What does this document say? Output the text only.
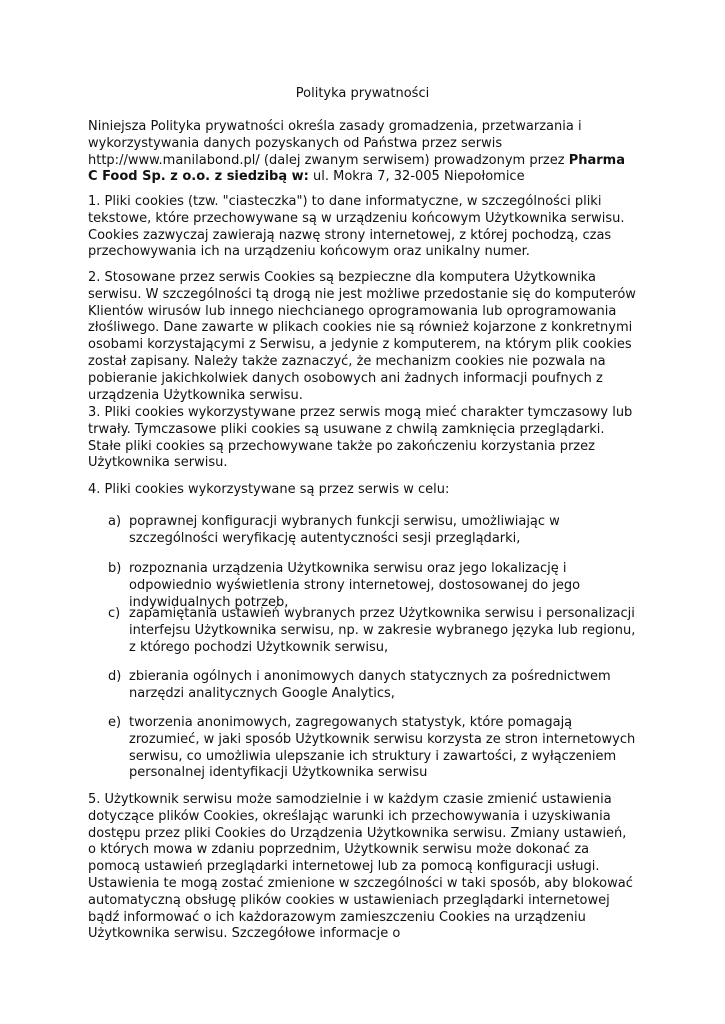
Polityka prywatności

Niniejsza Polityka prywatności określa zasady gromadzenia, przetwarzania i wykorzystywania danych pozyskanych od Państwa przez serwis http://www.manilabond.pl/ (dalej zwanym serwisem) prowadzonym przez Pharma C Food Sp. z o.o. z siedzibą w: ul. Mokra 7, 32-005 Niepołomice

1. Pliki cookies (tzw. "ciasteczka") to dane informatyczne, w szczególności pliki tekstowe, które przechowywane są w urządzeniu końcowym Użytkownika serwisu. Cookies zazwyczaj zawierają nazwę strony internetowej, z której pochodzą, czas przechowywania ich na urządzeniu końcowym oraz unikalny numer.

2. Stosowane przez serwis Cookies są bezpieczne dla komputera Użytkownika serwisu. W szczególności tą drogą nie jest możliwe przedostanie się do komputerów Klientów wirusów lub innego niechcianego oprogramowania lub oprogramowania złośliwego. Dane zawarte w plikach cookies nie są również kojarzone z konkretnymi osobami korzystającymi z Serwisu, a jedynie z komputerem, na którym plik cookies został zapisany. Należy także zaznaczyć, że mechanizm cookies nie pozwala na pobieranie jakichkolwiek danych osobowych ani żadnych informacji poufnych z urządzenia Użytkownika serwisu.

3. Pliki cookies wykorzystywane przez serwis mogą mieć charakter tymczasowy lub trwały. Tymczasowe pliki cookies są usuwane z chwilą zamknięcia przeglądarki. Stałe pliki cookies są przechowywane także po zakończeniu korzystania przez Użytkownika serwisu.

4. Pliki cookies wykorzystywane są przez serwis w celu:

a) poprawnej konfiguracji wybranych funkcji serwisu, umożliwiając w szczególności weryfikację autentyczności sesji przeglądarki,
b) rozpoznania urządzenia Użytkownika serwisu oraz jego lokalizację i odpowiednio wyświetlenia strony internetowej, dostosowanej do jego indywidualnych potrzeb,
c) zapamiętania ustawień wybranych przez Użytkownika serwisu i personalizacji interfejsu Użytkownika serwisu, np. w zakresie wybranego języka lub regionu, z którego pochodzi Użytkownik serwisu,
d) zbierania ogólnych i anonimowych danych statycznych za pośrednictwem narzędzi analitycznych Google Analytics,
e) tworzenia anonimowych, zagregowanych statystyk, które pomagają zrozumieć, w jaki sposób Użytkownik serwisu korzysta ze stron internetowych serwisu, co umożliwia ulepszanie ich struktury i zawartości, z wyłączeniem personalnej identyfikacji Użytkownika serwisu

5. Użytkownik serwisu może samodzielnie i w każdym czasie zmienić ustawienia dotyczące plików Cookies, określając warunki ich przechowywania i uzyskiwania dostępu przez pliki Cookies do Urządzenia Użytkownika serwisu. Zmiany ustawień, o których mowa w zdaniu poprzednim, Użytkownik serwisu może dokonać za pomocą ustawień przeglądarki internetowej lub za pomocą konfiguracji usługi. Ustawienia te mogą zostać zmienione w szczególności w taki sposób, aby blokować automatyczną obsługę plików cookies w ustawieniach przeglądarki internetowej bądź informować o ich każdorazowym zamieszczeniu Cookies na urządzeniu Użytkownika serwisu. Szczegółowe informacje o
